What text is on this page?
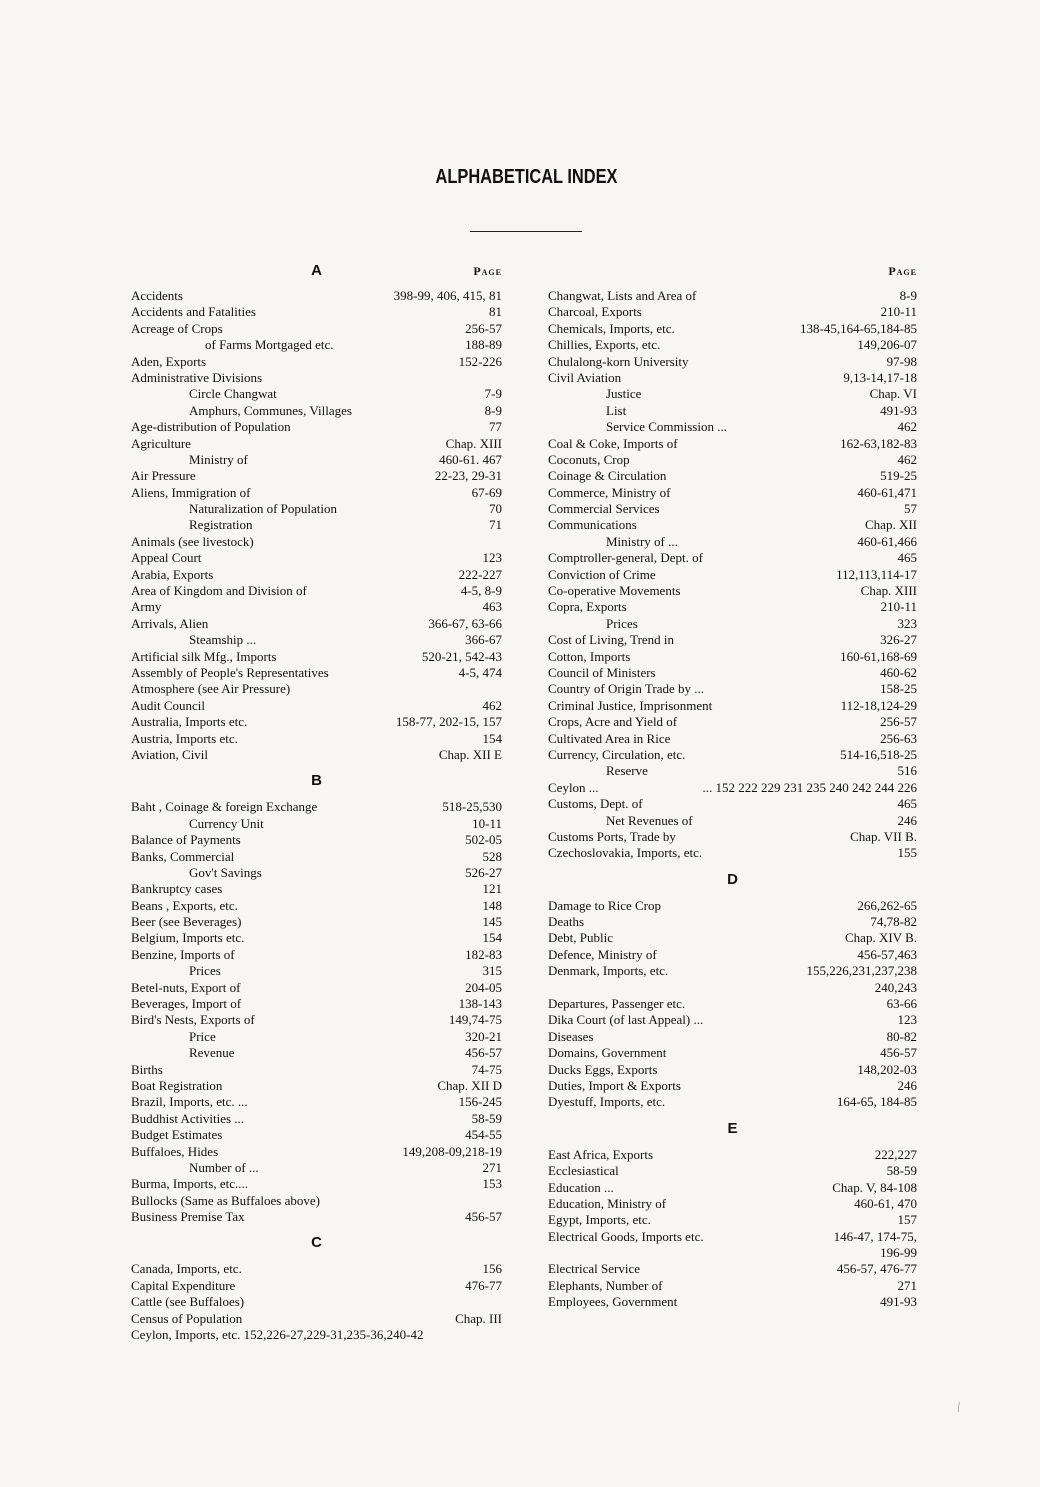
ALPHABETICAL INDEX
A	Page
Accidents	398-99, 406, 415, 81
Accidents and Fatalities	81
Acreage of Crops	256-57
of Farms Mortgaged etc.	188-89
Aden, Exports	152-226
Administrative Divisions
Circle Changwat	7-9
Amphurs, Communes, Villages	8-9
Age-distribution of Population	77
Agriculture	Chap. XIII
Ministry of	460-61. 467
Air Pressure	22-23, 29-31
Aliens, Immigration of	67-69
Naturalization of Population	70
Registration	71
Animals (see livestock)
Appeal Court	123
Arabia, Exports	222-227
Area of Kingdom and Division of	4-5, 8-9
Army	463
Arrivals, Alien	366-67, 63-66
Steamship ...	366-67
Artificial silk Mfg., Imports	520-21, 542-43
Assembly of People's Representatives	4-5, 474
Atmosphere (see Air Pressure)
Audit Council	462
Australia, Imports etc.	158-77, 202-15, 157
Austria, Imports etc.	154
Aviation, Civil	Chap. XII E
B
Baht , Coinage & foreign Exchange	518-25,530
Currency Unit	10-11
Balance of Payments	502-05
Banks, Commercial	528
Gov't Savings	526-27
Bankruptcy cases	121
Beans , Exports, etc.	148
Beer (see Beverages)	145
Belgium, Imports etc.	154
Benzine, Imports of	182-83
Prices	315
Betel-nuts, Export of	204-05
Beverages, Import of	138-143
Bird's Nests, Exports of	149,74-75
Price	320-21
Revenue	456-57
Births	74-75
Boat Registration	Chap. XII D
Brazil, Imports, etc. ...	156-245
Buddhist Activities ...	58-59
Budget Estimates	454-55
Buffaloes, Hides	149,208-09,218-19
Number of ...	271
Burma, Imports, etc....	153
Bullocks (Same as Buffaloes above)
Business Premise Tax	456-57
C
Canada, Imports, etc.	156
Capital Expenditure	476-77
Cattle (see Buffaloes)
Census of Population	Chap. III
Ceylon, Imports, etc. 152,226-27,229-31,235-36,240-42
Page
Changwat, Lists and Area of	8-9
Charcoal, Exports	210-11
Chemicals, Imports, etc.	138-45,164-65,184-85
Chillies, Exports, etc.	149,206-07
Chulalong-korn University	97-98
Civil Aviation	9,13-14,17-18
Justice	Chap. VI
List	491-93
Service Commission ...	462
Coal & Coke, Imports of	162-63,182-83
Coconuts, Crop	462
Coinage & Circulation	519-25
Commerce, Ministry of	460-61,471
Commercial Services	57
Communications	Chap. XII
Ministry of ...	460-61,466
Comptroller-general, Dept. of	465
Conviction of Crime	112,113,114-17
Co-operative Movements	Chap. XIII
Copra, Exports	210-11
Prices	323
Cost of Living, Trend in	326-27
Cotton, Imports	160-61,168-69
Council of Ministers	460-62
Country of Origin Trade by ...	158-25
Criminal Justice, Imprisonment	112-18,124-29
Crops, Acre and Yield of	256-57
Cultivated Area in Rice	256-63
Currency, Circulation, etc.	514-16,518-25
Reserve	516
Ceylon ...	... 152 222 229 231 235 240 242 244 226
Customs, Dept. of	465
Net Revenues of	246
Customs Ports, Trade by	Chap. VII B.
Czechoslovakia, Imports, etc.	155
D
Damage to Rice Crop	266,262-65
Deaths	74,78-82
Debt, Public	Chap. XIV B.
Defence, Ministry of	456-57,463
Denmark, Imports, etc.	155,226,231,237,238
240,243
Departures, Passenger etc.	63-66
Dika Court (of last Appeal) ...	123
Diseases	80-82
Domains, Government	456-57
Ducks Eggs, Exports	148,202-03
Duties, Import & Exports	246
Dyestuff, Imports, etc.	164-65, 184-85
E
East Africa, Exports	222,227
Ecclesiastical	58-59
Education ...	Chap. V, 84-108
Education, Ministry of	460-61, 470
Egypt, Imports, etc.	157
Electrical Goods, Imports etc.	146-47, 174-75,
196-99
Electrical Service	456-57, 476-77
Elephants, Number of	271
Employees, Government	491-93
⁄
